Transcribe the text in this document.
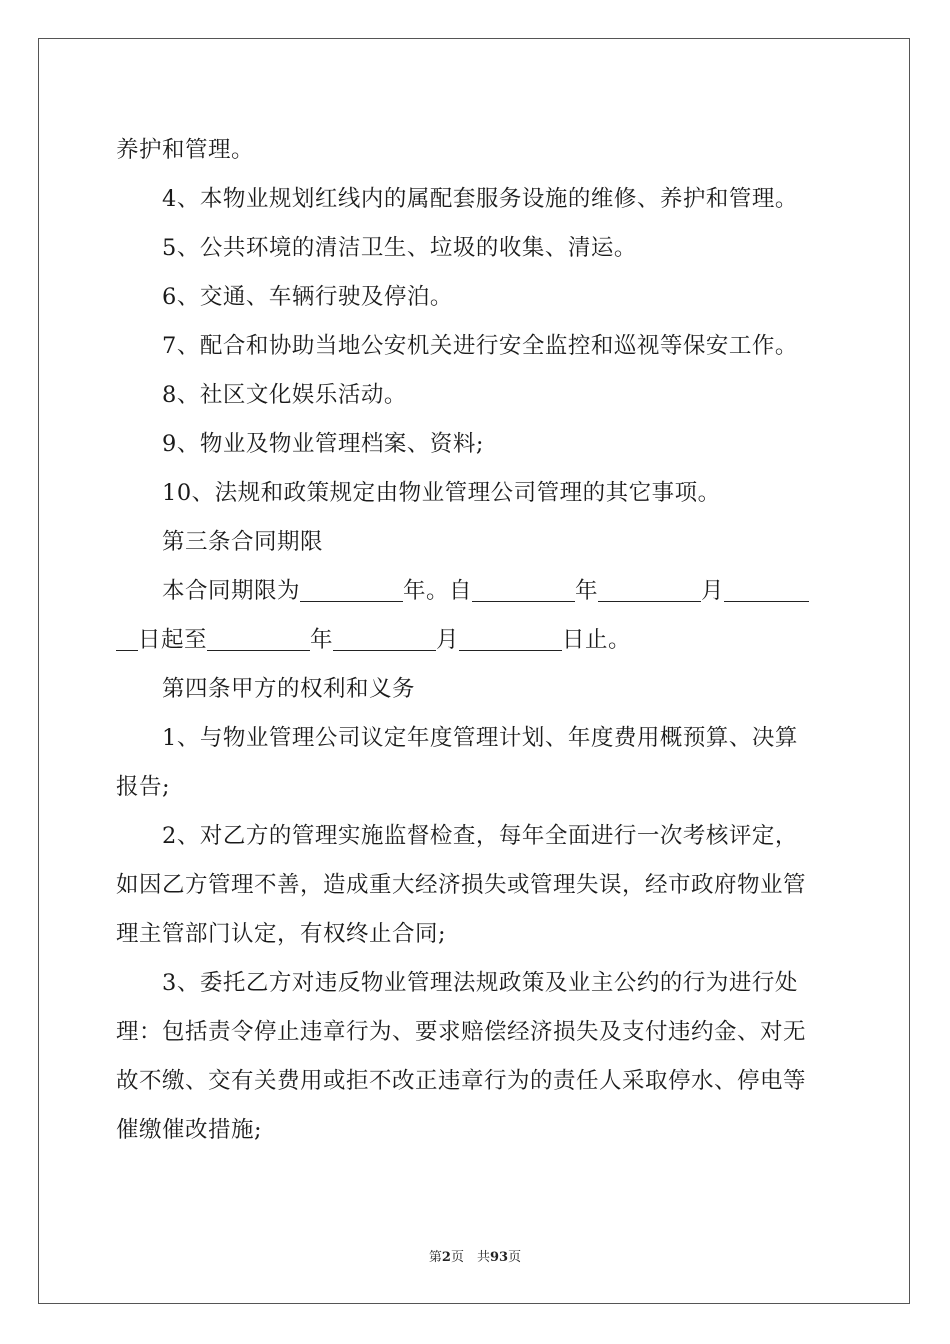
养护和管理。
4、本物业规划红线内的属配套服务设施的维修、养护和管理。
5、公共环境的清洁卫生、垃圾的收集、清运。
6、交通、车辆行驶及停泊。
7、配合和协助当地公安机关进行安全监控和巡视等保安工作。
8、社区文化娱乐活动。
9、物业及物业管理档案、资料;
10、法规和政策规定由物业管理公司管理的其它事项。
第三条合同期限
本合同期限为	年。自	年	月
日起至	年	月	日止。
第四条甲方的权利和义务
1、与物业管理公司议定年度管理计划、年度费用概预算、决算
报告;
2、对乙方的管理实施监督检查，每年全面进行一次考核评定，
如因乙方管理不善，造成重大经济损失或管理失误，经市政府物业管
理主管部门认定，有权终止合同;
3、委托乙方对违反物业管理法规政策及业主公约的行为进行处
理：包括责令停止违章行为、要求赔偿经济损失及支付违约金、对无
故不缴、交有关费用或拒不改正违章行为的责任人采取停水、停电等
催缴催改措施;
第2页　共93页
